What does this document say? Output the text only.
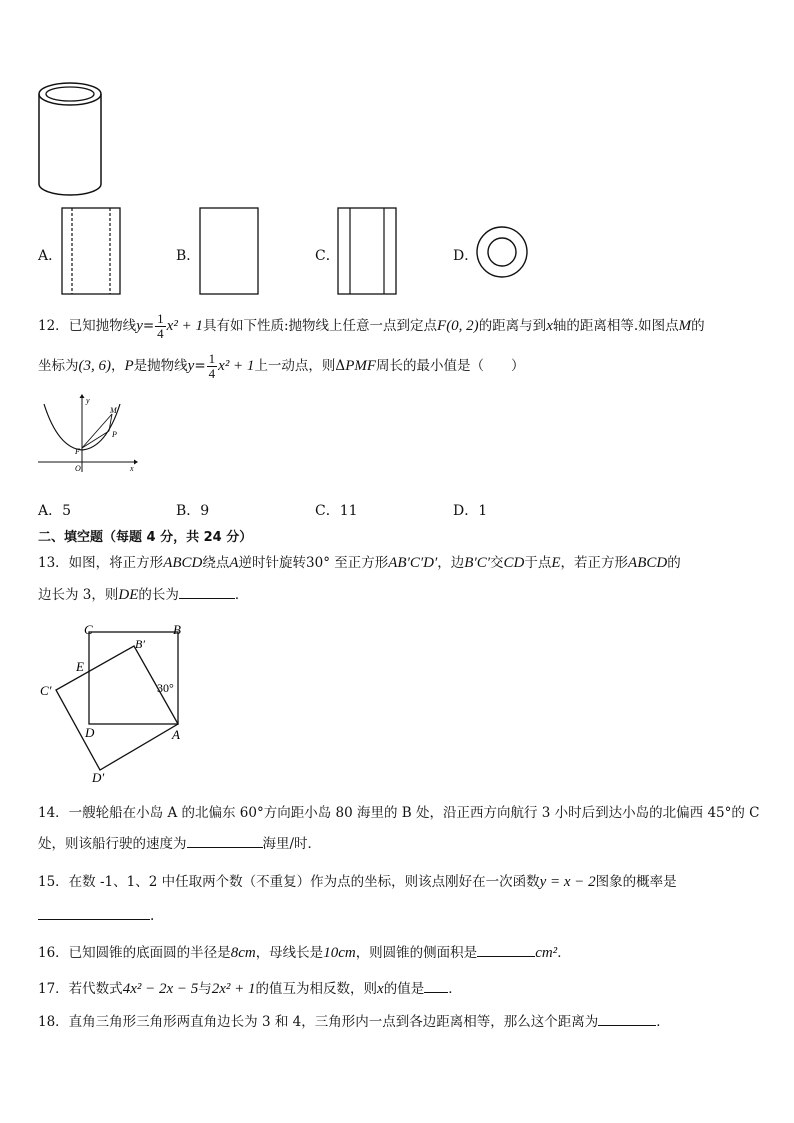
A．	B．	C．	D．
12．已知抛物线$y= \frac{1}{4} x^2 + 1$具有如下性质:抛物线上任意一点到定点F(0, 2)的距离与到x轴的距离相等.如图点M的
坐标为(3, 6)，P是抛物线$y= \frac{1}{4} x^2 + 1$上一动点，则ΔPMF周长的最小值是（　　）
y
x
M
P
F
O
A．5	B．9	C．11	D．1
二、填空题（每题 4 分，共 24 分）
13．如图，将正方形ABCD绕点A逆时针旋转30° 至正方形AB′C′D′，边B′C′交CD于点E，若正方形ABCD的
边长为 3，则DE的长为	．
C	B
B′
E
C′	30°
D	A
D′
14．一艘轮船在小岛 A 的北偏东 60°方向距小岛 80 海里的 B 处，沿正西方向航行 3 小时后到达小岛的北偏西 45°的 C
处，则该船行驶的速度为	海里/时．
15．在数 -1、1、2 中任取两个数（不重复）作为点的坐标，则该点刚好在一次函数y = x − 2图象的概率是
.
16．已知圆锥的底面圆的半径是8cm，母线长是10cm，则圆锥的侧面积是	cm²．
17．若代数式4x² − 2x − 5与2x² + 1的值互为相反数，则x的值是 ．
18．直角三角形三角形两直角边长为 3 和 4，三角形内一点到各边距离相等，那么这个距离为	．
